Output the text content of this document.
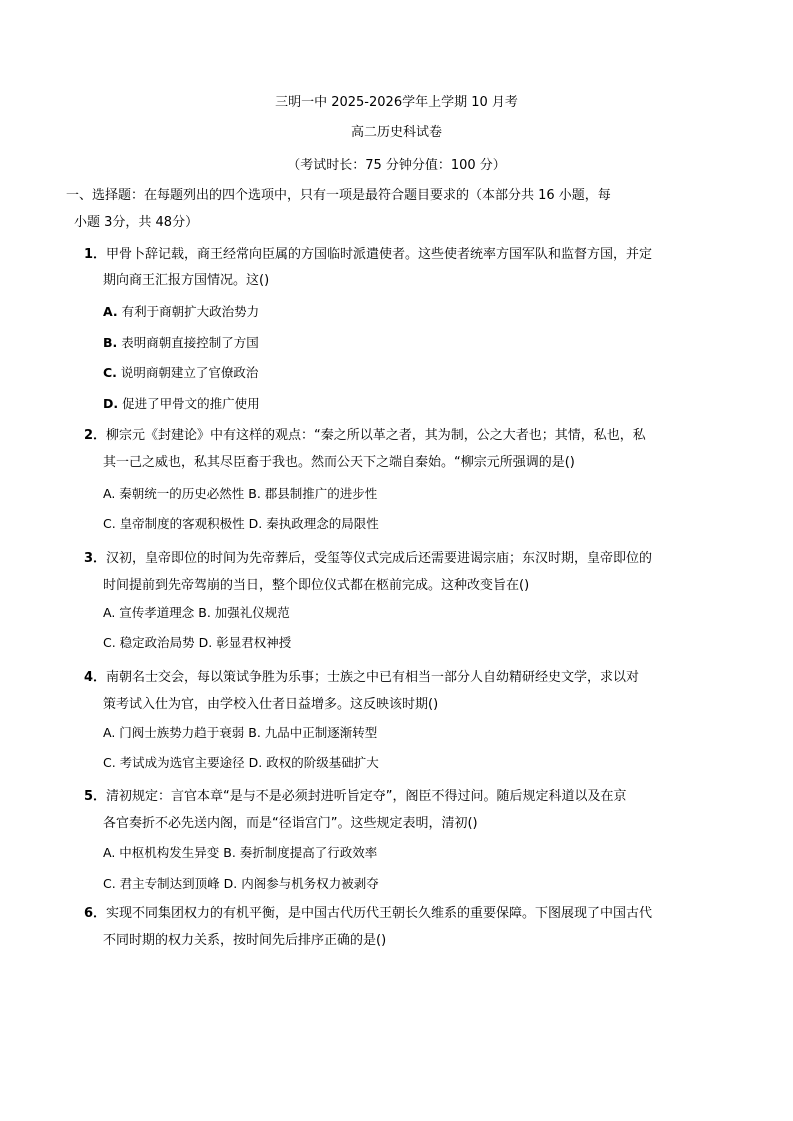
三明一中 2025-2026学年上学期 10 月考
高二历史科试卷
（考试时长：75 分钟分值：100 分）
一、选择题：在每题列出的四个选项中，只有一项是最符合题目要求的（本部分共 16 小题，每
小题 3分，共 48分）
1．甲骨卜辞记载，商王经常向臣属的方国临时派遣使者。这些使者统率方国军队和监督方国，并定
期向商王汇报方国情况。这()
A. 有利于商朝扩大政治势力
B. 表明商朝直接控制了方国
C. 说明商朝建立了官僚政治
D. 促进了甲骨文的推广使用
2．柳宗元《封建论》中有这样的观点：“秦之所以革之者，其为制，公之大者也；其情，私也，私
其一己之威也，私其尽臣畜于我也。然而公天下之端自秦始。“柳宗元所强调的是()
A. 秦朝统一的历史必然性 B. 郡县制推广的进步性
C. 皇帝制度的客观积极性 D. 秦执政理念的局限性
3．汉初，皇帝即位的时间为先帝葬后，受玺等仪式完成后还需要进谒宗庙；东汉时期，皇帝即位的
时间提前到先帝驾崩的当日，整个即位仪式都在柩前完成。这种改变旨在()
A. 宣传孝道理念 B. 加强礼仪规范
C. 稳定政治局势 D. 彰显君权神授
4．南朝名士交会，每以策试争胜为乐事；士族之中已有相当一部分人自幼精研经史文学，求以对
策考试入仕为官，由学校入仕者日益增多。这反映该时期()
A. 门阀士族势力趋于衰弱 B. 九品中正制逐渐转型
C. 考试成为选官主要途径 D. 政权的阶级基础扩大
5．清初规定：言官本章“是与不是必须封进听旨定夺”，阁臣不得过问。随后规定科道以及在京
各官奏折不必先送内阁，而是“径诣宫门”。这些规定表明，清初()
A. 中枢机构发生异变 B. 奏折制度提高了行政效率
C. 君主专制达到顶峰 D. 内阁参与机务权力被剥夺
6．实现不同集团权力的有机平衡，是中国古代历代王朝长久维系的重要保障。下图展现了中国古代
不同时期的权力关系，按时间先后排序正确的是()
